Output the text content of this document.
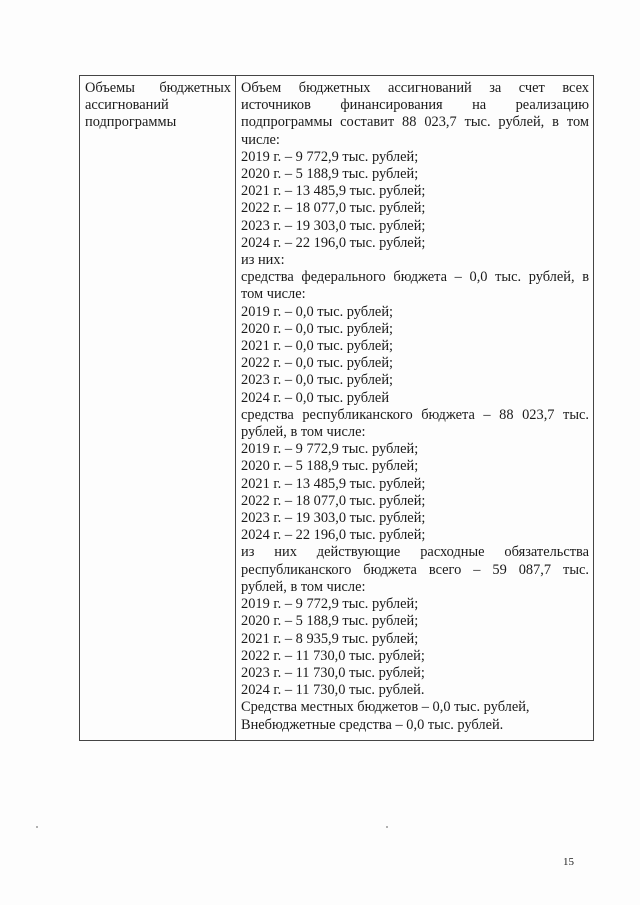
Объемы бюджетных
ассигнований
подпрограммы

Объем бюджетных ассигнований за счет всех
источников финансирования на реализацию
подпрограммы составит 88 023,7 тыс. рублей, в том
числе:
2019 г. – 9 772,9 тыс. рублей;
2020 г. – 5 188,9 тыс. рублей;
2021 г. – 13 485,9 тыс. рублей;
2022 г. – 18 077,0 тыс. рублей;
2023 г. – 19 303,0 тыс. рублей;
2024 г. – 22 196,0 тыс. рублей;
из них:
средства федерального бюджета – 0,0 тыс. рублей, в
том числе:
2019 г. – 0,0 тыс. рублей;
2020 г. – 0,0 тыс. рублей;
2021 г. – 0,0 тыс. рублей;
2022 г. – 0,0 тыс. рублей;
2023 г. – 0,0 тыс. рублей;
2024 г. – 0,0 тыс. рублей
средства республиканского бюджета – 88 023,7 тыс.
рублей, в том числе:
2019 г. – 9 772,9 тыс. рублей;
2020 г. – 5 188,9 тыс. рублей;
2021 г. – 13 485,9 тыс. рублей;
2022 г. – 18 077,0 тыс. рублей;
2023 г. – 19 303,0 тыс. рублей;
2024 г. – 22 196,0 тыс. рублей;
из них действующие расходные обязательства
республиканского бюджета всего – 59 087,7 тыс.
рублей, в том числе:
2019 г. – 9 772,9 тыс. рублей;
2020 г. – 5 188,9 тыс. рублей;
2021 г. – 8 935,9 тыс. рублей;
2022 г. – 11 730,0 тыс. рублей;
2023 г. – 11 730,0 тыс. рублей;
2024 г. – 11 730,0 тыс. рублей.
Средства местных бюджетов – 0,0 тыс. рублей,
Внебюджетные средства – 0,0 тыс. рублей.
15
